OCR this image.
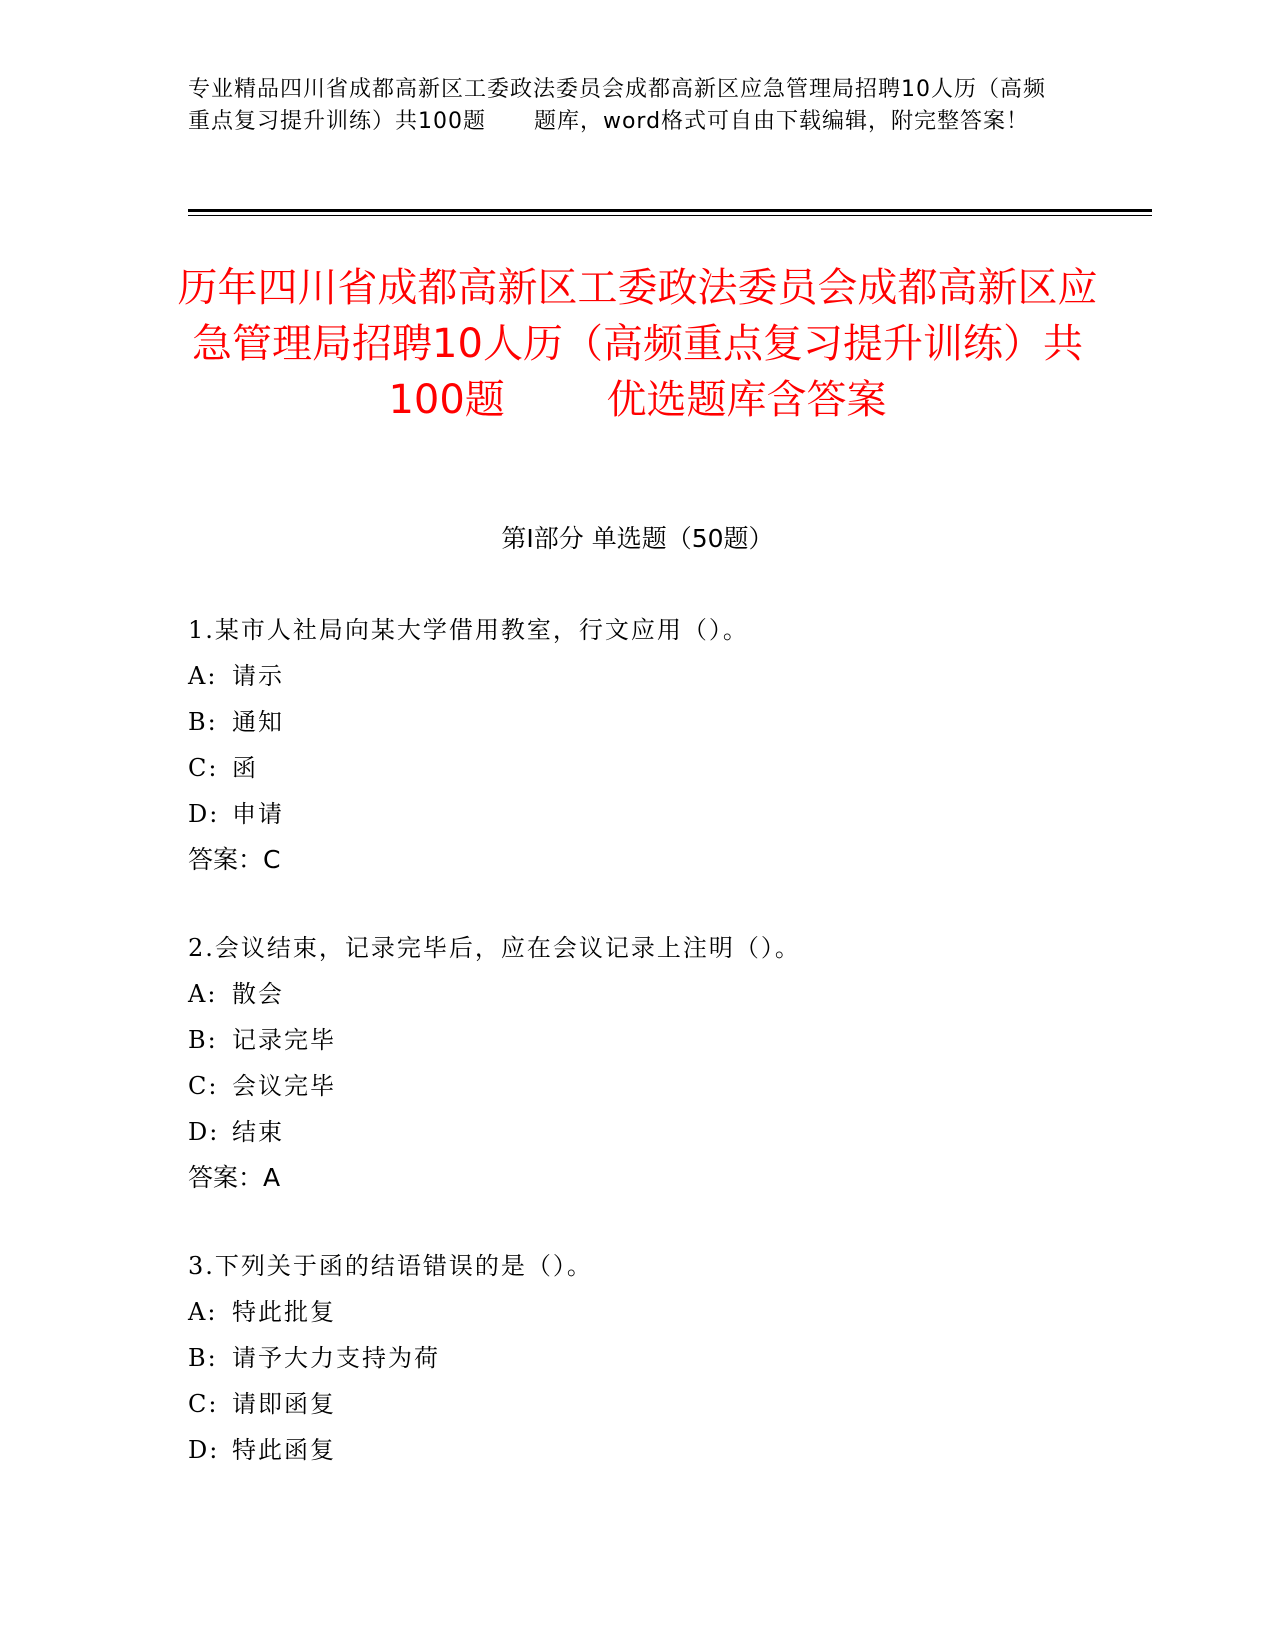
专业精品四川省成都高新区工委政法委员会成都高新区应急管理局招聘10人历（高频重点复习提升训练）共100题      题库，word格式可自由下载编辑，附完整答案！
历年四川省成都高新区工委政法委员会成都高新区应急管理局招聘10人历（高频重点复习提升训练）共100题        优选题库含答案
第Ⅰ部分 单选题（50题）
1.某市人社局向某大学借用教室，行文应用（）。
A: 请示
B: 通知
C: 函
D: 申请
答案：C
2.会议结束，记录完毕后，应在会议记录上注明（）。
A: 散会
B: 记录完毕
C: 会议完毕
D: 结束
答案：A
3.下列关于函的结语错误的是（）。
A: 特此批复
B: 请予大力支持为荷
C: 请即函复
D: 特此函复
